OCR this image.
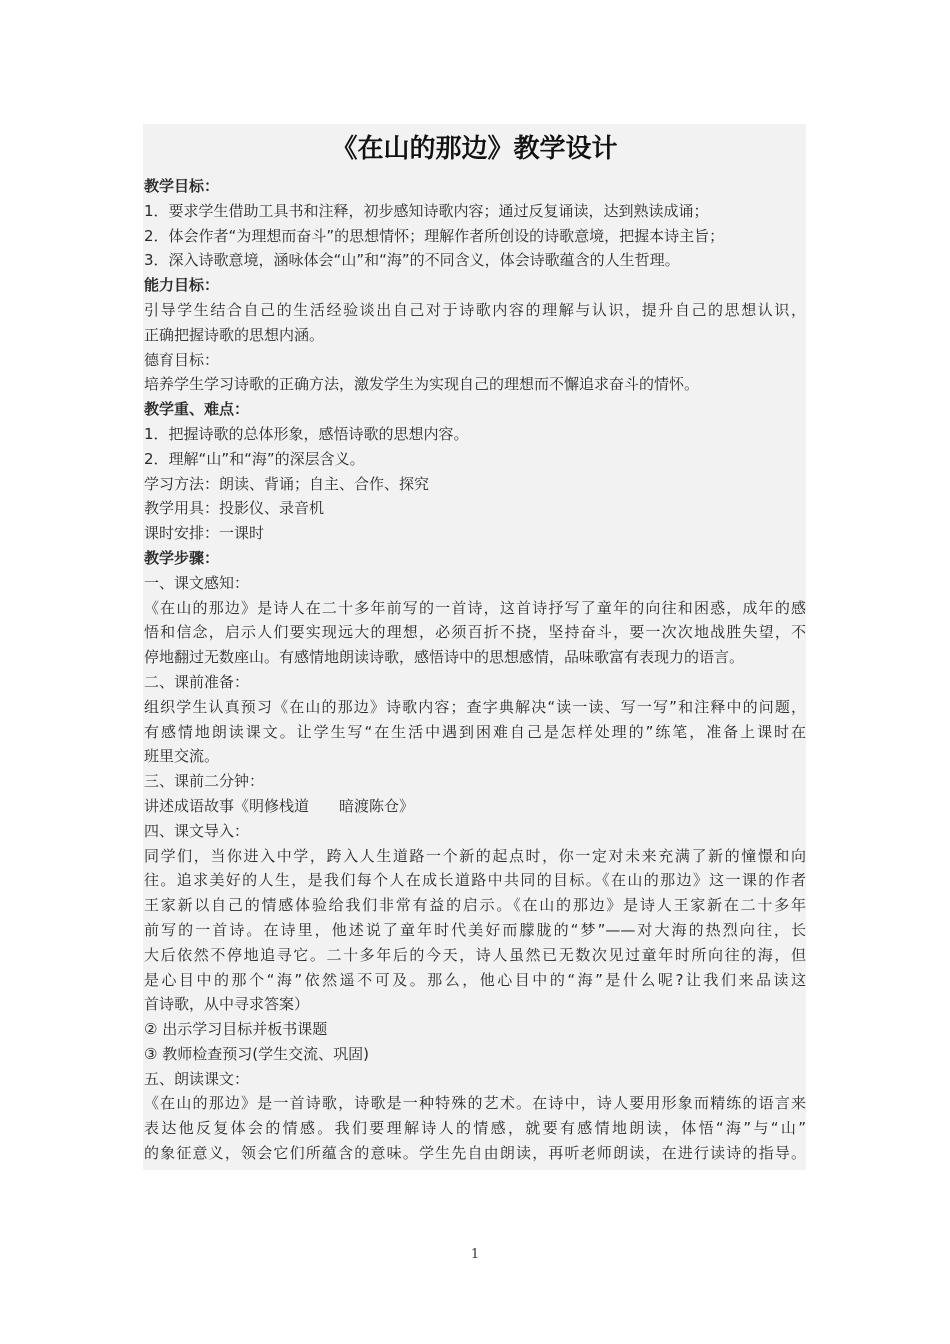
《在山的那边》教学设计
教学目标：
1．要求学生借助工具书和注释，初步感知诗歌内容；通过反复诵读，达到熟读成诵；
2．体会作者“为理想而奋斗”的思想情怀；理解作者所创设的诗歌意境，把握本诗主旨；
3．深入诗歌意境，涵咏体会“山”和“海”的不同含义，体会诗歌蕴含的人生哲理。
能力目标：
引导学生结合自己的生活经验谈出自己对于诗歌内容的理解与认识，提升自己的思想认识，
正确把握诗歌的思想内涵。
德育目标：
培养学生学习诗歌的正确方法，激发学生为实现自己的理想而不懈追求奋斗的情怀。
教学重、难点：
1．把握诗歌的总体形象，感悟诗歌的思想内容。
2．理解“山”和“海”的深层含义。
学习方法：朗读、背诵；自主、合作、探究
教学用具：投影仪、录音机
课时安排：一课时
教学步骤：
一、课文感知：
《在山的那边》是诗人在二十多年前写的一首诗，这首诗抒写了童年的向往和困惑，成年的感
悟和信念，启示人们要实现远大的理想，必须百折不挠，坚持奋斗，要一次次地战胜失望，不
停地翻过无数座山。有感情地朗读诗歌，感悟诗中的思想感情，品味歌富有表现力的语言。
二、课前准备：
组织学生认真预习《在山的那边》诗歌内容；查字典解决“读一读、写一写”和注释中的问题，
有感情地朗读课文。让学生写“在生活中遇到困难自己是怎样处理的”练笔，准备上课时在
班里交流。
三、课前二分钟：
讲述成语故事《明修栈道　　暗渡陈仓》
四、课文导入：
同学们，当你进入中学，跨入人生道路一个新的起点时，你一定对未来充满了新的憧憬和向
往。追求美好的人生，是我们每个人在成长道路中共同的目标。《在山的那边》这一课的作者
王家新以自己的情感体验给我们非常有益的启示。《在山的那边》是诗人王家新在二十多年
前写的一首诗。在诗里，他述说了童年时代美好而朦胧的“梦”——对大海的热烈向往，长
大后依然不停地追寻它。二十多年后的今天，诗人虽然已无数次见过童年时所向往的海，但
是心目中的那个“海”依然遥不可及。那么，他心目中的“海”是什么呢?让我们来品读这
首诗歌，从中寻求答案）
② 出示学习目标并板书课题
③ 教师检查预习(学生交流、巩固)
五、朗读课文：
《在山的那边》是一首诗歌，诗歌是一种特殊的艺术。在诗中，诗人要用形象而精练的语言来
表达他反复体会的情感。我们要理解诗人的情感，就要有感情地朗读，体悟“海”与“山”
的象征意义，领会它们所蕴含的意味。学生先自由朗读，再听老师朗读，在进行读诗的指导。
1
